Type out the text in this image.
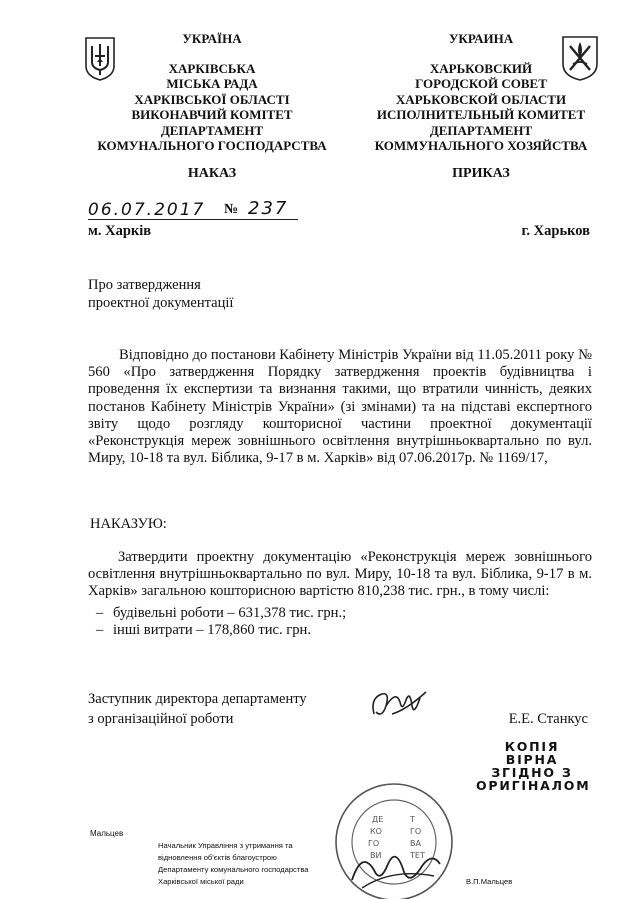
УКРАЇНА
ХАРКІВСЬКА
МІСЬКА РАДА
ХАРКІВСЬКОЇ ОБЛАСТІ
ВИКОНАВЧИЙ КОМІТЕТ
ДЕПАРТАМЕНТ
КОМУНАЛЬНОГО ГОСПОДАРСТВА
НАКАЗ
УКРАИНА
ХАРЬКОВСКИЙ
ГОРОДСКОЙ СОВЕТ
ХАРЬКОВСКОЙ ОБЛАСТИ
ИСПОЛНИТЕЛЬНЫЙ КОМИТЕТ
ДЕПАРТАМЕНТ
КОММУНАЛЬНОГО ХОЗЯЙСТВА
ПРИКАЗ
06.07.2017 № 237
м. Харків	г. Харьков
Про затвердження
проектної документації
Відповідно до постанови Кабінету Міністрів України від 11.05.2011 року № 560 «Про затвердження Порядку затвердження проектів будівництва і проведення їх експертизи та визнання такими, що втратили чинність, деяких постанов Кабінету Міністрів України» (зі змінами) та на підставі експертного звіту щодо розгляду кошторисної частини проектної документації «Реконструкція мереж зовнішнього освітлення внутрішньоквартально по вул. Миру, 10-18 та вул. Біблика, 9-17 в м. Харків» від 07.06.2017р. № 1169/17,
НАКАЗУЮ:
Затвердити проектну документацію «Реконструкція мереж зовнішнього освітлення внутрішньоквартально по вул. Миру, 10-18 та вул. Біблика, 9-17 в м. Харків» загальною кошторисною вартістю 810,238 тис. грн., в тому числі:
– будівельні роботи – 631,378 тис. грн.;
– інші витрати – 178,860 тис. грн.
Заступник директора департаменту
з організаційної роботи	Е.Е. Станкус
КОПІЯ ВІРНА
ЗГІДНО З
ОРИГІНАЛОМ
ДЕ	Т
КО	ГО
ГО	ВА
ВИ	ТЕТ
Мальцев
Начальник Управління з утримання та
відновлення об'єктів благоустрою
Департаменту комунального господарства
Харківської міської ради	В.П.Мальцев
